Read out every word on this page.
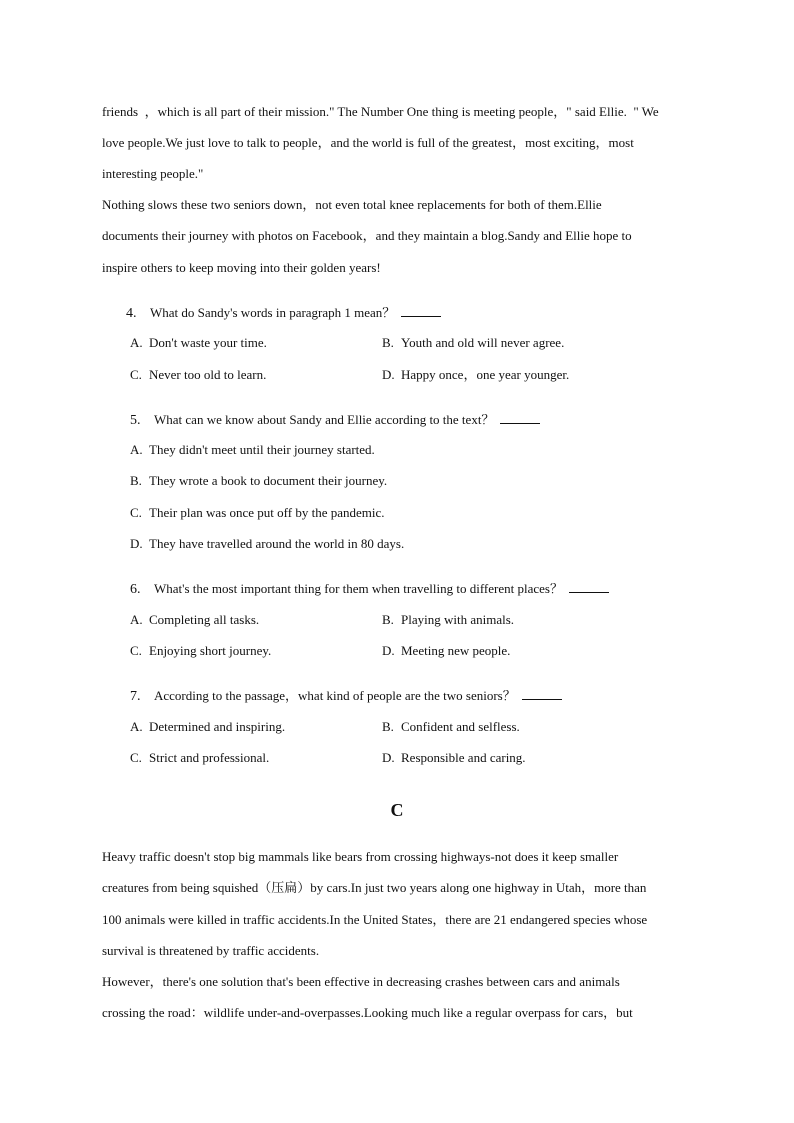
friends  ，which is all part of their mission." The Number One thing is meeting people，" said Ellie.  " We
love people.We just love to talk to people，and the world is full of the greatest，most exciting，most
interesting people."
Nothing slows these two seniors down，not even total knee replacements for both of them.Ellie
documents their journey with photos on Facebook，and they maintain a blog.Sandy and Ellie hope to
inspire others to keep moving into their golden years!
4. What do Sandy's words in paragraph 1 mean？
A. Don't waste your time.	B. Youth and old will never agree.
C. Never too old to learn.	D. Happy once，one year younger.
5. What can we know about Sandy and Ellie according to the text？
A. They didn't meet until their journey started.
B. They wrote a book to document their journey.
C. Their plan was once put off by the pandemic.
D. They have travelled around the world in 80 days.
6. What's the most important thing for them when travelling to different places？
A. Completing all tasks.	B. Playing with animals.
C. Enjoying short journey.	D. Meeting new people.
7. According to the passage，what kind of people are the two seniors？
A. Determined and inspiring.	B. Confident and selfless.
C. Strict and professional.	D. Responsible and caring.
C
Heavy traffic doesn't stop big mammals like bears from crossing highways-not does it keep smaller
creatures from being squished（压扁）by cars.In just two years along one highway in Utah，more than
100 animals were killed in traffic accidents.In the United States，there are 21 endangered species whose
survival is threatened by traffic accidents.
However，there's one solution that's been effective in decreasing crashes between cars and animals
crossing the road：wildlife under-and-overpasses.Looking much like a regular overpass for cars，but
